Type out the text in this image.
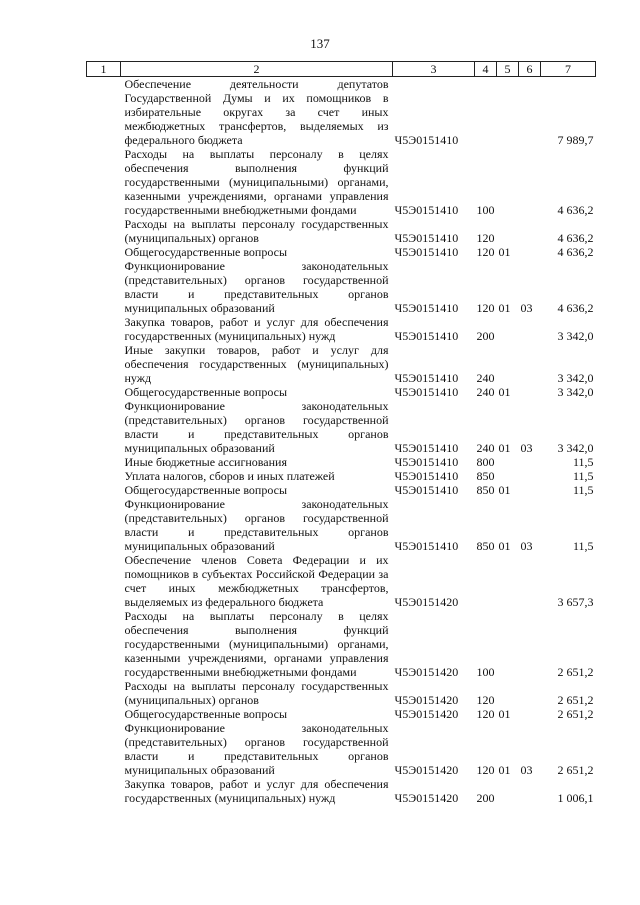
137
1	2	3	4	5	6	7
	Обеспечение деятельности депутатов Государственной Думы и их помощников в избирательные округах за счет иных межбюджетных трансфертов, выделяемых из федерального бюджета	Ч5Э0151410				7 989,7
	Расходы на выплаты персоналу в целях обеспечения выполнения функций государственными (муниципальными) органами, казенными учреждениями, органами управления государственными внебюджетными фондами	Ч5Э0151410	100			4 636,2
	Расходы на выплаты персоналу государственных (муниципальных) органов	Ч5Э0151410	120			4 636,2
	Общегосударственные вопросы	Ч5Э0151410	120	01		4 636,2
	Функционирование законодательных (представительных) органов государственной власти и представительных органов муниципальных образований	Ч5Э0151410	120	01	03	4 636,2
	Закупка товаров, работ и услуг для обеспечения государственных (муниципальных) нужд	Ч5Э0151410	200			3 342,0
	Иные закупки товаров, работ и услуг для обеспечения государственных (муниципальных) нужд	Ч5Э0151410	240			3 342,0
	Общегосударственные вопросы	Ч5Э0151410	240	01		3 342,0
	Функционирование законодательных (представительных) органов государственной власти и представительных органов муниципальных образований	Ч5Э0151410	240	01	03	3 342,0
	Иные бюджетные ассигнования	Ч5Э0151410	800			11,5
	Уплата налогов, сборов и иных платежей	Ч5Э0151410	850			11,5
	Общегосударственные вопросы	Ч5Э0151410	850	01		11,5
	Функционирование законодательных (представительных) органов государственной власти и представительных органов муниципальных образований	Ч5Э0151410	850	01	03	11,5
	Обеспечение членов Совета Федерации и их помощников в субъектах Российской Федерации за счет иных межбюджетных трансфертов, выделяемых из федерального бюджета	Ч5Э0151420				3 657,3
	Расходы на выплаты персоналу в целях обеспечения выполнения функций государственными (муниципальными) органами, казенными учреждениями, органами управления государственными внебюджетными фондами	Ч5Э0151420	100			2 651,2
	Расходы на выплаты персоналу государственных (муниципальных) органов	Ч5Э0151420	120			2 651,2
	Общегосударственные вопросы	Ч5Э0151420	120	01		2 651,2
	Функционирование законодательных (представительных) органов государственной власти и представительных органов муниципальных образований	Ч5Э0151420	120	01	03	2 651,2
	Закупка товаров, работ и услуг для обеспечения государственных (муниципальных) нужд	Ч5Э0151420	200			1 006,1
